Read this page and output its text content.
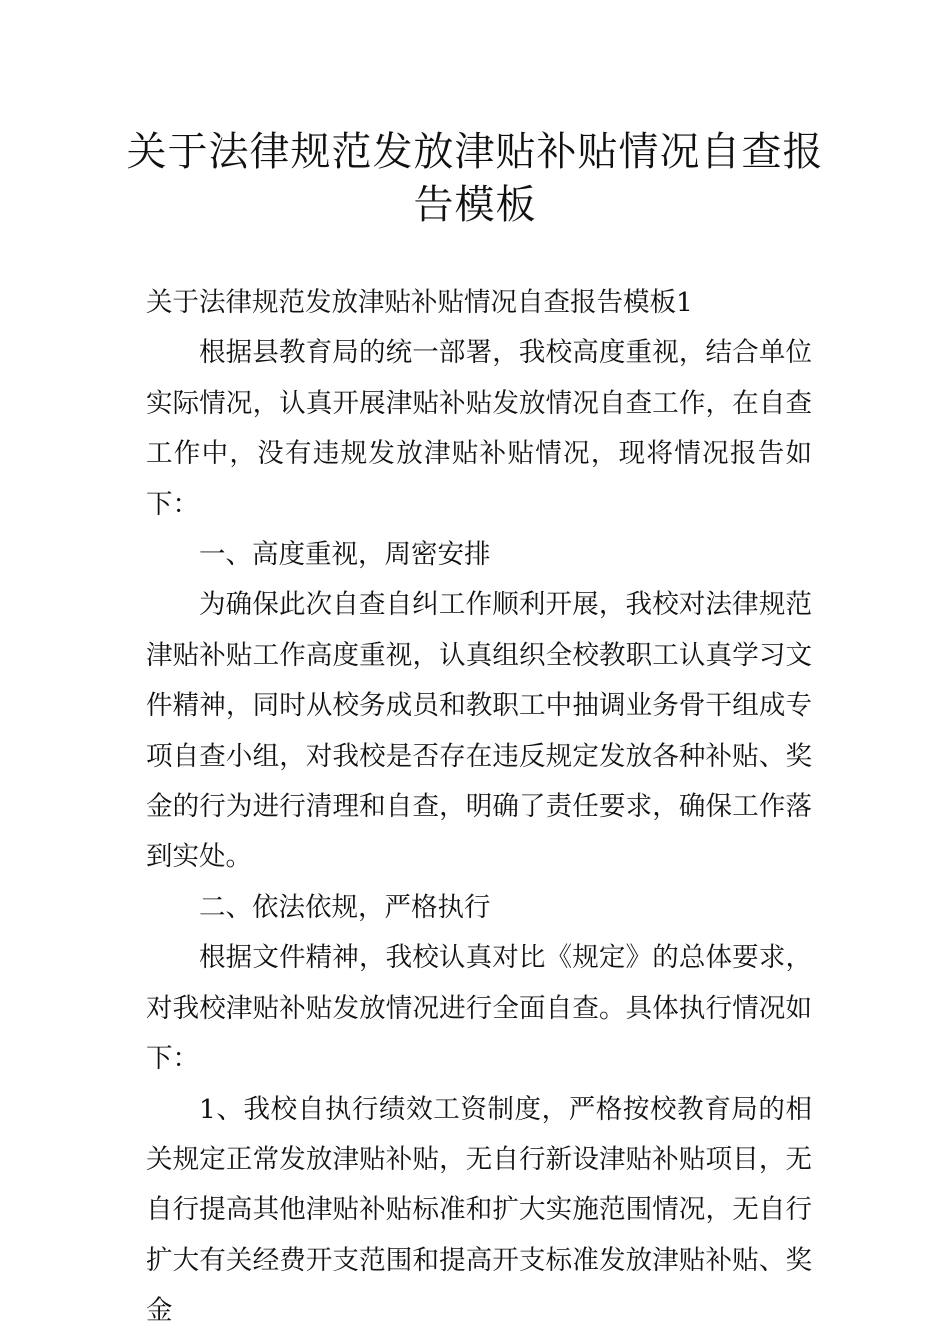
关于法律规范发放津贴补贴情况自查报告模板

关于法律规范发放津贴补贴情况自查报告模板1

根据县教育局的统一部署，我校高度重视，结合单位实际情况，认真开展津贴补贴发放情况自查工作，在自查工作中，没有违规发放津贴补贴情况，现将情况报告如下：

一、高度重视，周密安排

为确保此次自查自纠工作顺利开展，我校对法律规范津贴补贴工作高度重视，认真组织全校教职工认真学习文件精神，同时从校务成员和教职工中抽调业务骨干组成专项自查小组，对我校是否存在违反规定发放各种补贴、奖金的行为进行清理和自查，明确了责任要求，确保工作落到实处。

二、依法依规，严格执行

根据文件精神，我校认真对比《规定》的总体要求，对我校津贴补贴发放情况进行全面自查。具体执行情况如下：

1、我校自执行绩效工资制度，严格按校教育局的相关规定正常发放津贴补贴，无自行新设津贴补贴项目，无自行提高其他津贴补贴标准和扩大实施范围情况，无自行扩大有关经费开支范围和提高开支标准发放津贴补贴、奖金
